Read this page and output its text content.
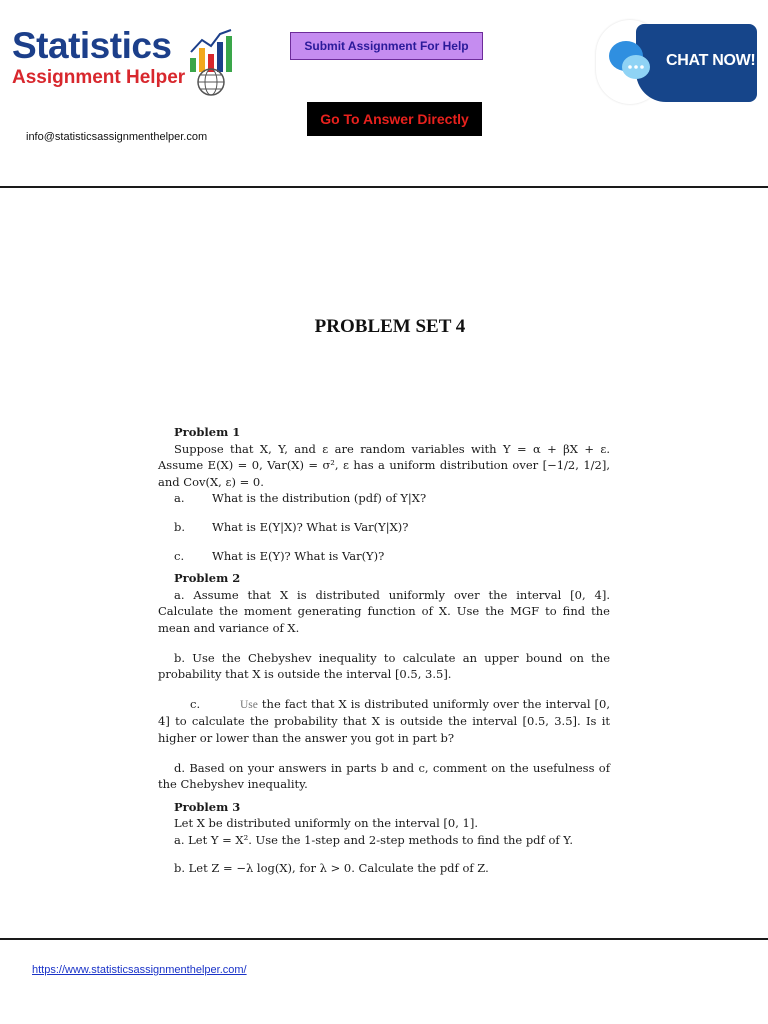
Statistics
Assignment Helper
info@statisticsassignmenthelper.com
Submit Assignment For Help
Go To Answer Directly
CHAT NOW!
PROBLEM SET 4

Problem 1

Suppose that X, Y, and ε are random variables with Y = α + βX + ε. Assume E(X) = 0, Var(X) = σ², ε has a uniform distribution over [−1/2, 1/2], and Cov(X, ε) = 0.

a. What is the distribution (pdf) of Y|X?

b. What is E(Y|X)? What is Var(Y|X)?

c. What is E(Y)? What is Var(Y)?

Problem 2

a. Assume that X is distributed uniformly over the interval [0, 4]. Calculate the moment generating function of X. Use the MGF to find the mean and variance of X.

b. Use the Chebyshev inequality to calculate an upper bound on the probability that X is outside the interval [0.5, 3.5].

c.	Use the fact that X is distributed uniformly over the interval [0, 4] to calculate the probability that X is outside the interval [0.5, 3.5]. Is it higher or lower than the answer you got in part b?

d. Based on your answers in parts b and c, comment on the usefulness of the Chebyshev inequality.

Problem 3

Let X be distributed uniformly on the interval [0, 1].

a. Let Y = X². Use the 1-step and 2-step methods to find the pdf of Y.

b. Let Z = −λ log(X), for λ > 0. Calculate the pdf of Z.

https://www.statisticsassignmenthelper.com/
